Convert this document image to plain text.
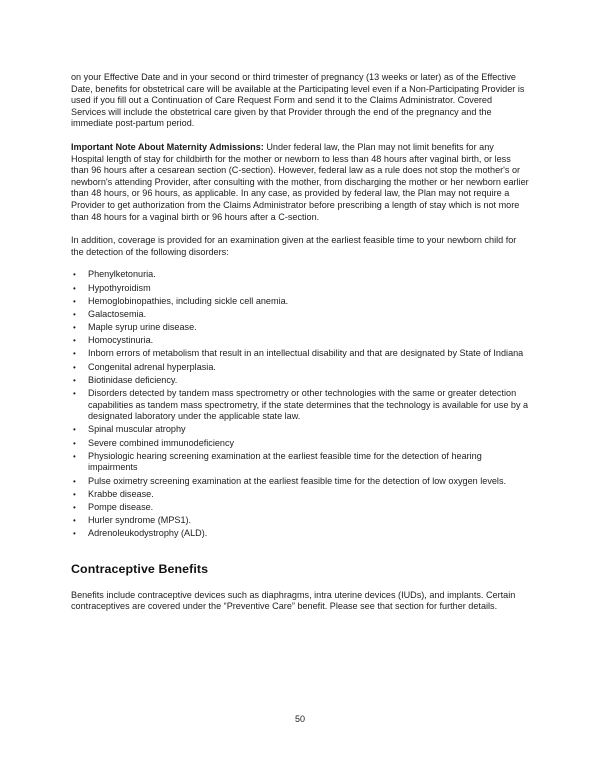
on your Effective Date and in your second or third trimester of pregnancy (13 weeks or later) as of the Effective Date, benefits for obstetrical care will be available at the Participating level even if a Non-Participating Provider is used if you fill out a Continuation of Care Request Form and send it to the Claims Administrator. Covered Services will include the obstetrical care given by that Provider through the end of the pregnancy and the immediate post-partum period.

Important Note About Maternity Admissions: Under federal law, the Plan may not limit benefits for any Hospital length of stay for childbirth for the mother or newborn to less than 48 hours after vaginal birth, or less than 96 hours after a cesarean section (C-section). However, federal law as a rule does not stop the mother's or newborn's attending Provider, after consulting with the mother, from discharging the mother or her newborn earlier than 48 hours, or 96 hours, as applicable. In any case, as provided by federal law, the Plan may not require a Provider to get authorization from the Claims Administrator before prescribing a length of stay which is not more than 48 hours for a vaginal birth or 96 hours after a C-section.

In addition, coverage is provided for an examination given at the earliest feasible time to your newborn child for the detection of the following disorders:

• Phenylketonuria.
• Hypothyroidism
• Hemoglobinopathies, including sickle cell anemia.
• Galactosemia.
• Maple syrup urine disease.
• Homocystinuria.
• Inborn errors of metabolism that result in an intellectual disability and that are designated by State of Indiana
• Congenital adrenal hyperplasia.
• Biotinidase deficiency.
• Disorders detected by tandem mass spectrometry or other technologies with the same or greater detection capabilities as tandem mass spectrometry, if the state determines that the technology is available for use by a designated laboratory under the applicable state law.
• Spinal muscular atrophy
• Severe combined immunodeficiency
• Physiologic hearing screening examination at the earliest feasible time for the detection of hearing impairments
• Pulse oximetry screening examination at the earliest feasible time for the detection of low oxygen levels.
• Krabbe disease.
• Pompe disease.
• Hurler syndrome (MPS1).
• Adrenoleukodystrophy (ALD).
Contraceptive Benefits

Benefits include contraceptive devices such as diaphragms, intra uterine devices (IUDs), and implants. Certain contraceptives are covered under the “Preventive Care” benefit. Please see that section for further details.

50
